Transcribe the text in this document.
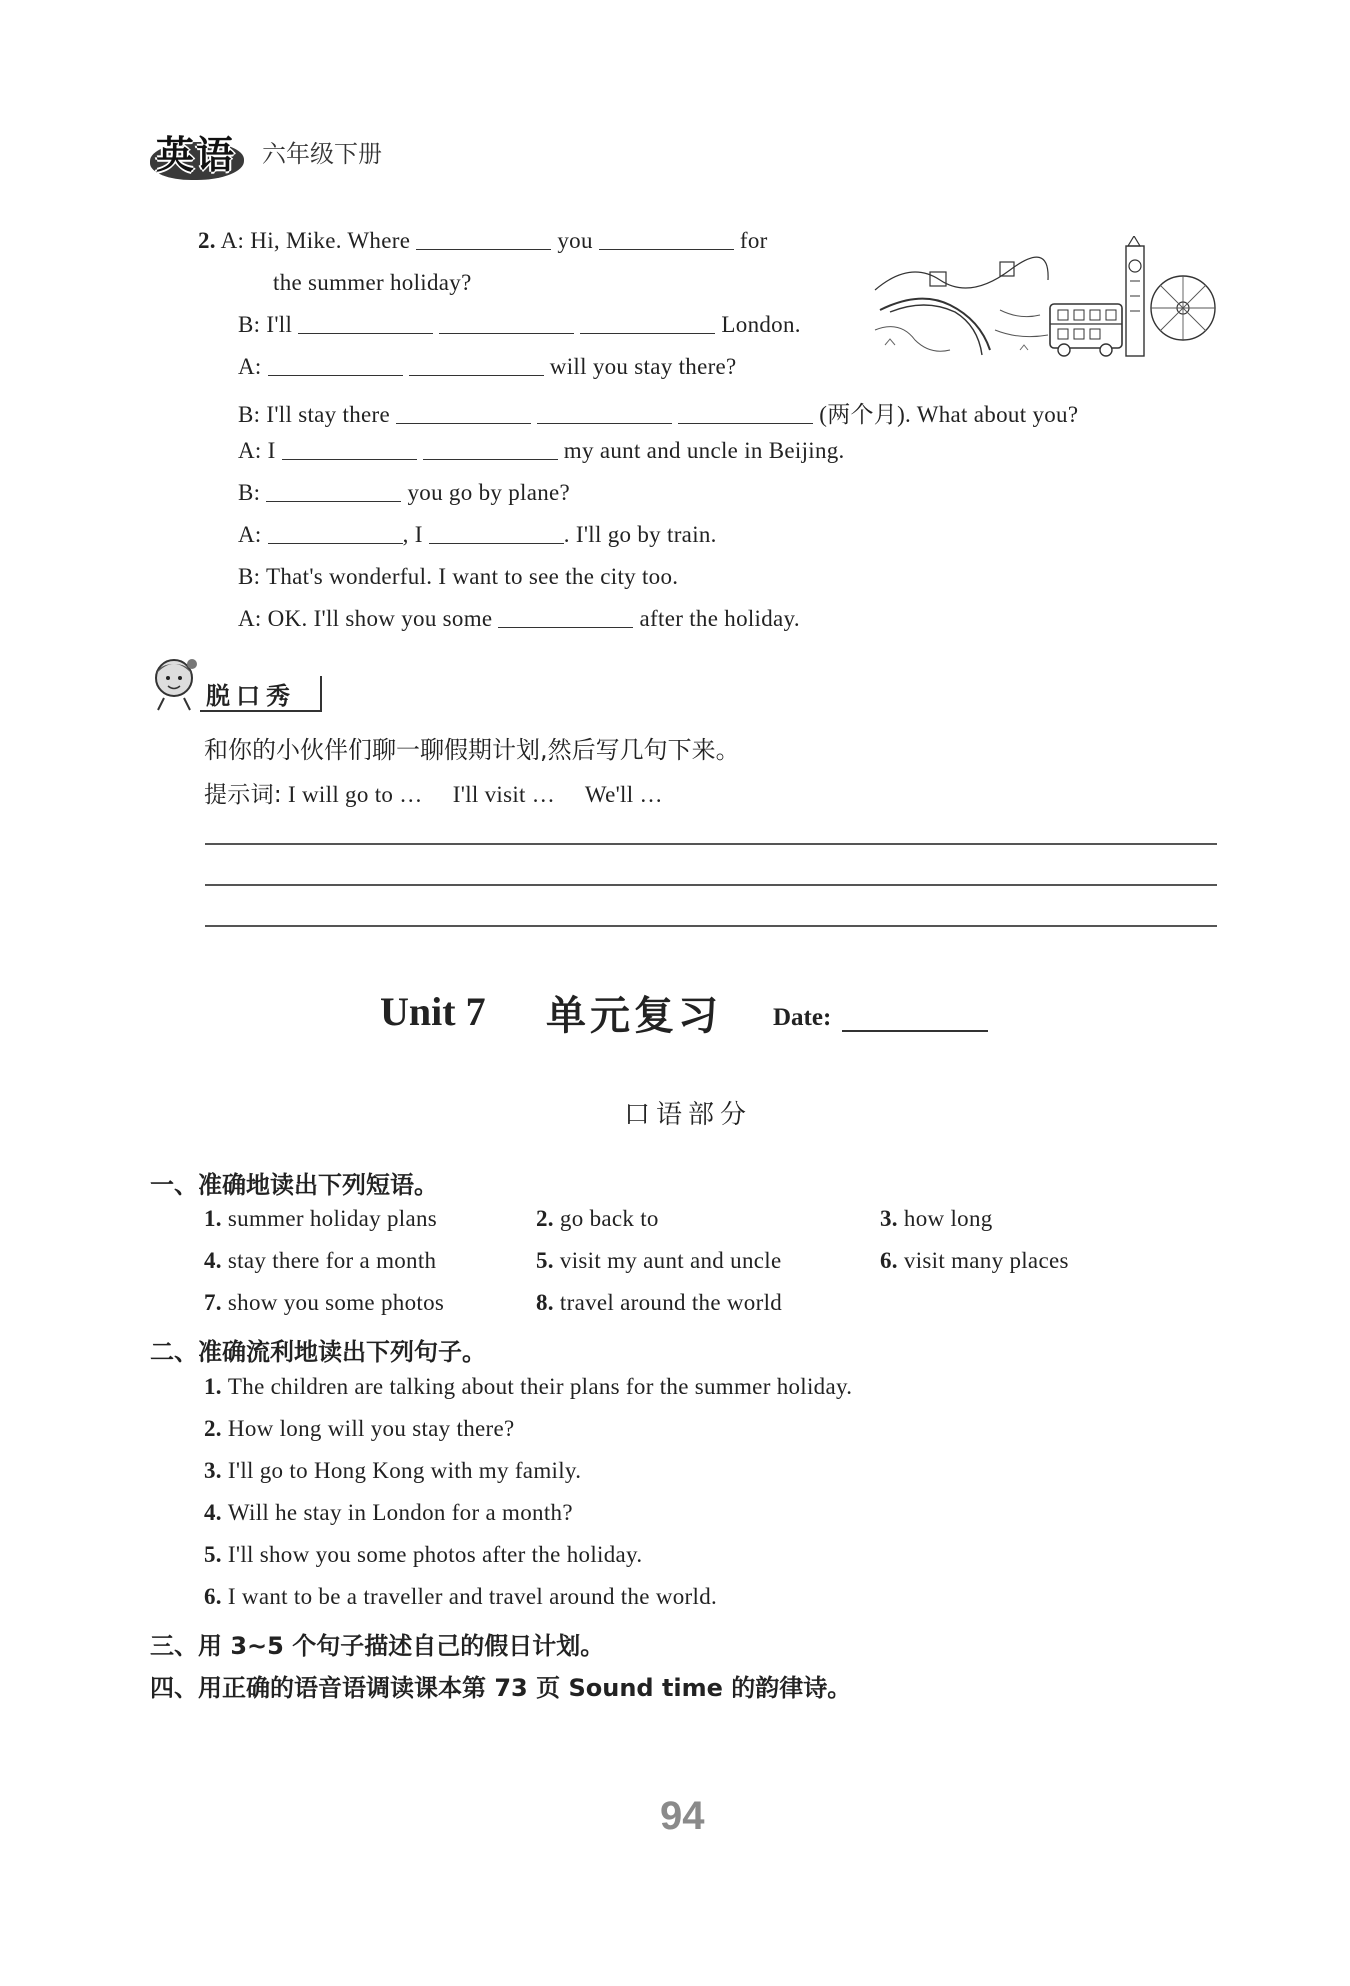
英语 六年级下册
2. A: Hi, Mike. Where	you	for
the summer holiday?
B: I'll	London.
A:	will you stay there?
B: I'll stay there	(两个月). What about you?
A: I	my aunt and uncle in Beijing.
B:	you go by plane?
A:	, I	. I'll go by train.
B: That's wonderful. I want to see the city too.
A: OK. I'll show you some	after the holiday.
脱口秀
和你的小伙伴们聊一聊假期计划,然后写几句下来。
提示词: I will go to …     I'll visit …     We'll …
Unit 7 单元复习 Date:
口语部分
一、准确地读出下列短语。
1. summer holiday plans	2. go back to	3. how long
4. stay there for a month	5. visit my aunt and uncle	6. visit many places
7. show you some photos	8. travel around the world
二、准确流利地读出下列句子。
1. The children are talking about their plans for the summer holiday.
2. How long will you stay there?
3. I'll go to Hong Kong with my family.
4. Will he stay in London for a month?
5. I'll show you some photos after the holiday.
6. I want to be a traveller and travel around the world.
三、用 3~5 个句子描述自己的假日计划。
四、用正确的语音语调读课本第 73 页 Sound time 的韵律诗。
94
